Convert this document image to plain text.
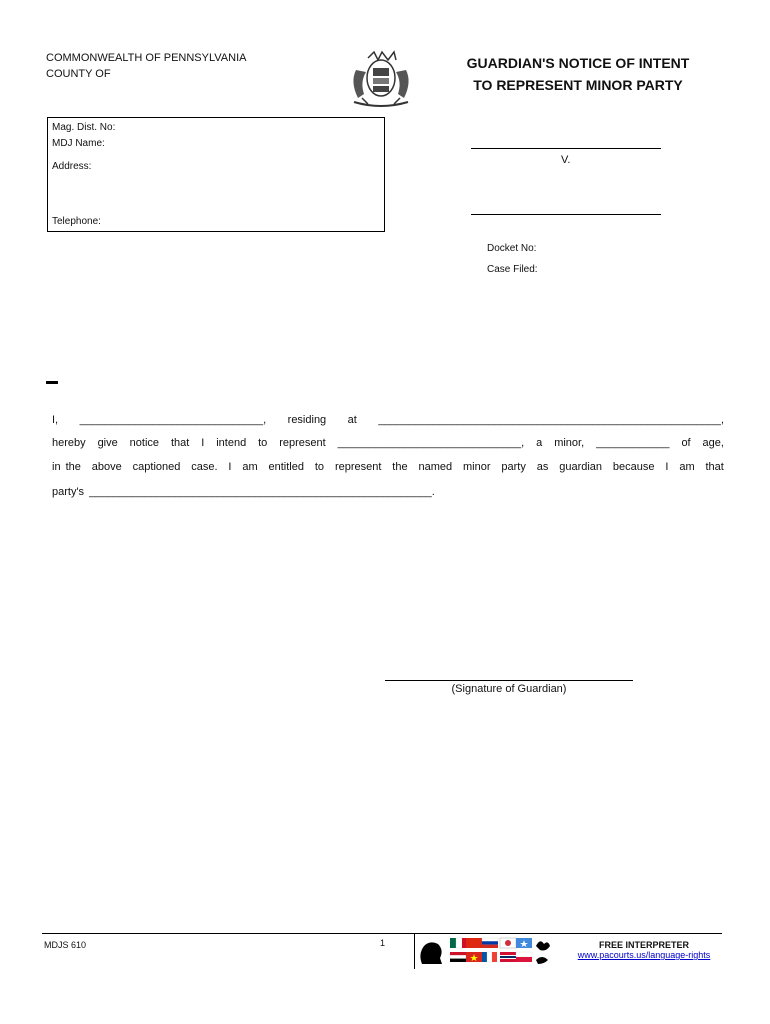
COMMONWEALTH OF PENNSYLVANIA
COUNTY OF
GUARDIAN'S NOTICE OF INTENT
TO REPRESENT MINOR PARTY
Mag. Dist. No:
MDJ Name:
Address:
Telephone:
V.
Docket No:
Case Filed:
I, ______________________________, residing at ________________________________________________________,
hereby give notice that I intend to represent ______________________________, a minor, ____________ of age,
in the above captioned case. I am entitled to represent the named minor party as guardian because I am that
party's ________________________________________________________.
(Signature of Guardian)
MDJS 610	1	FREE INTERPRETER
www.pacourts.us/language-rights
